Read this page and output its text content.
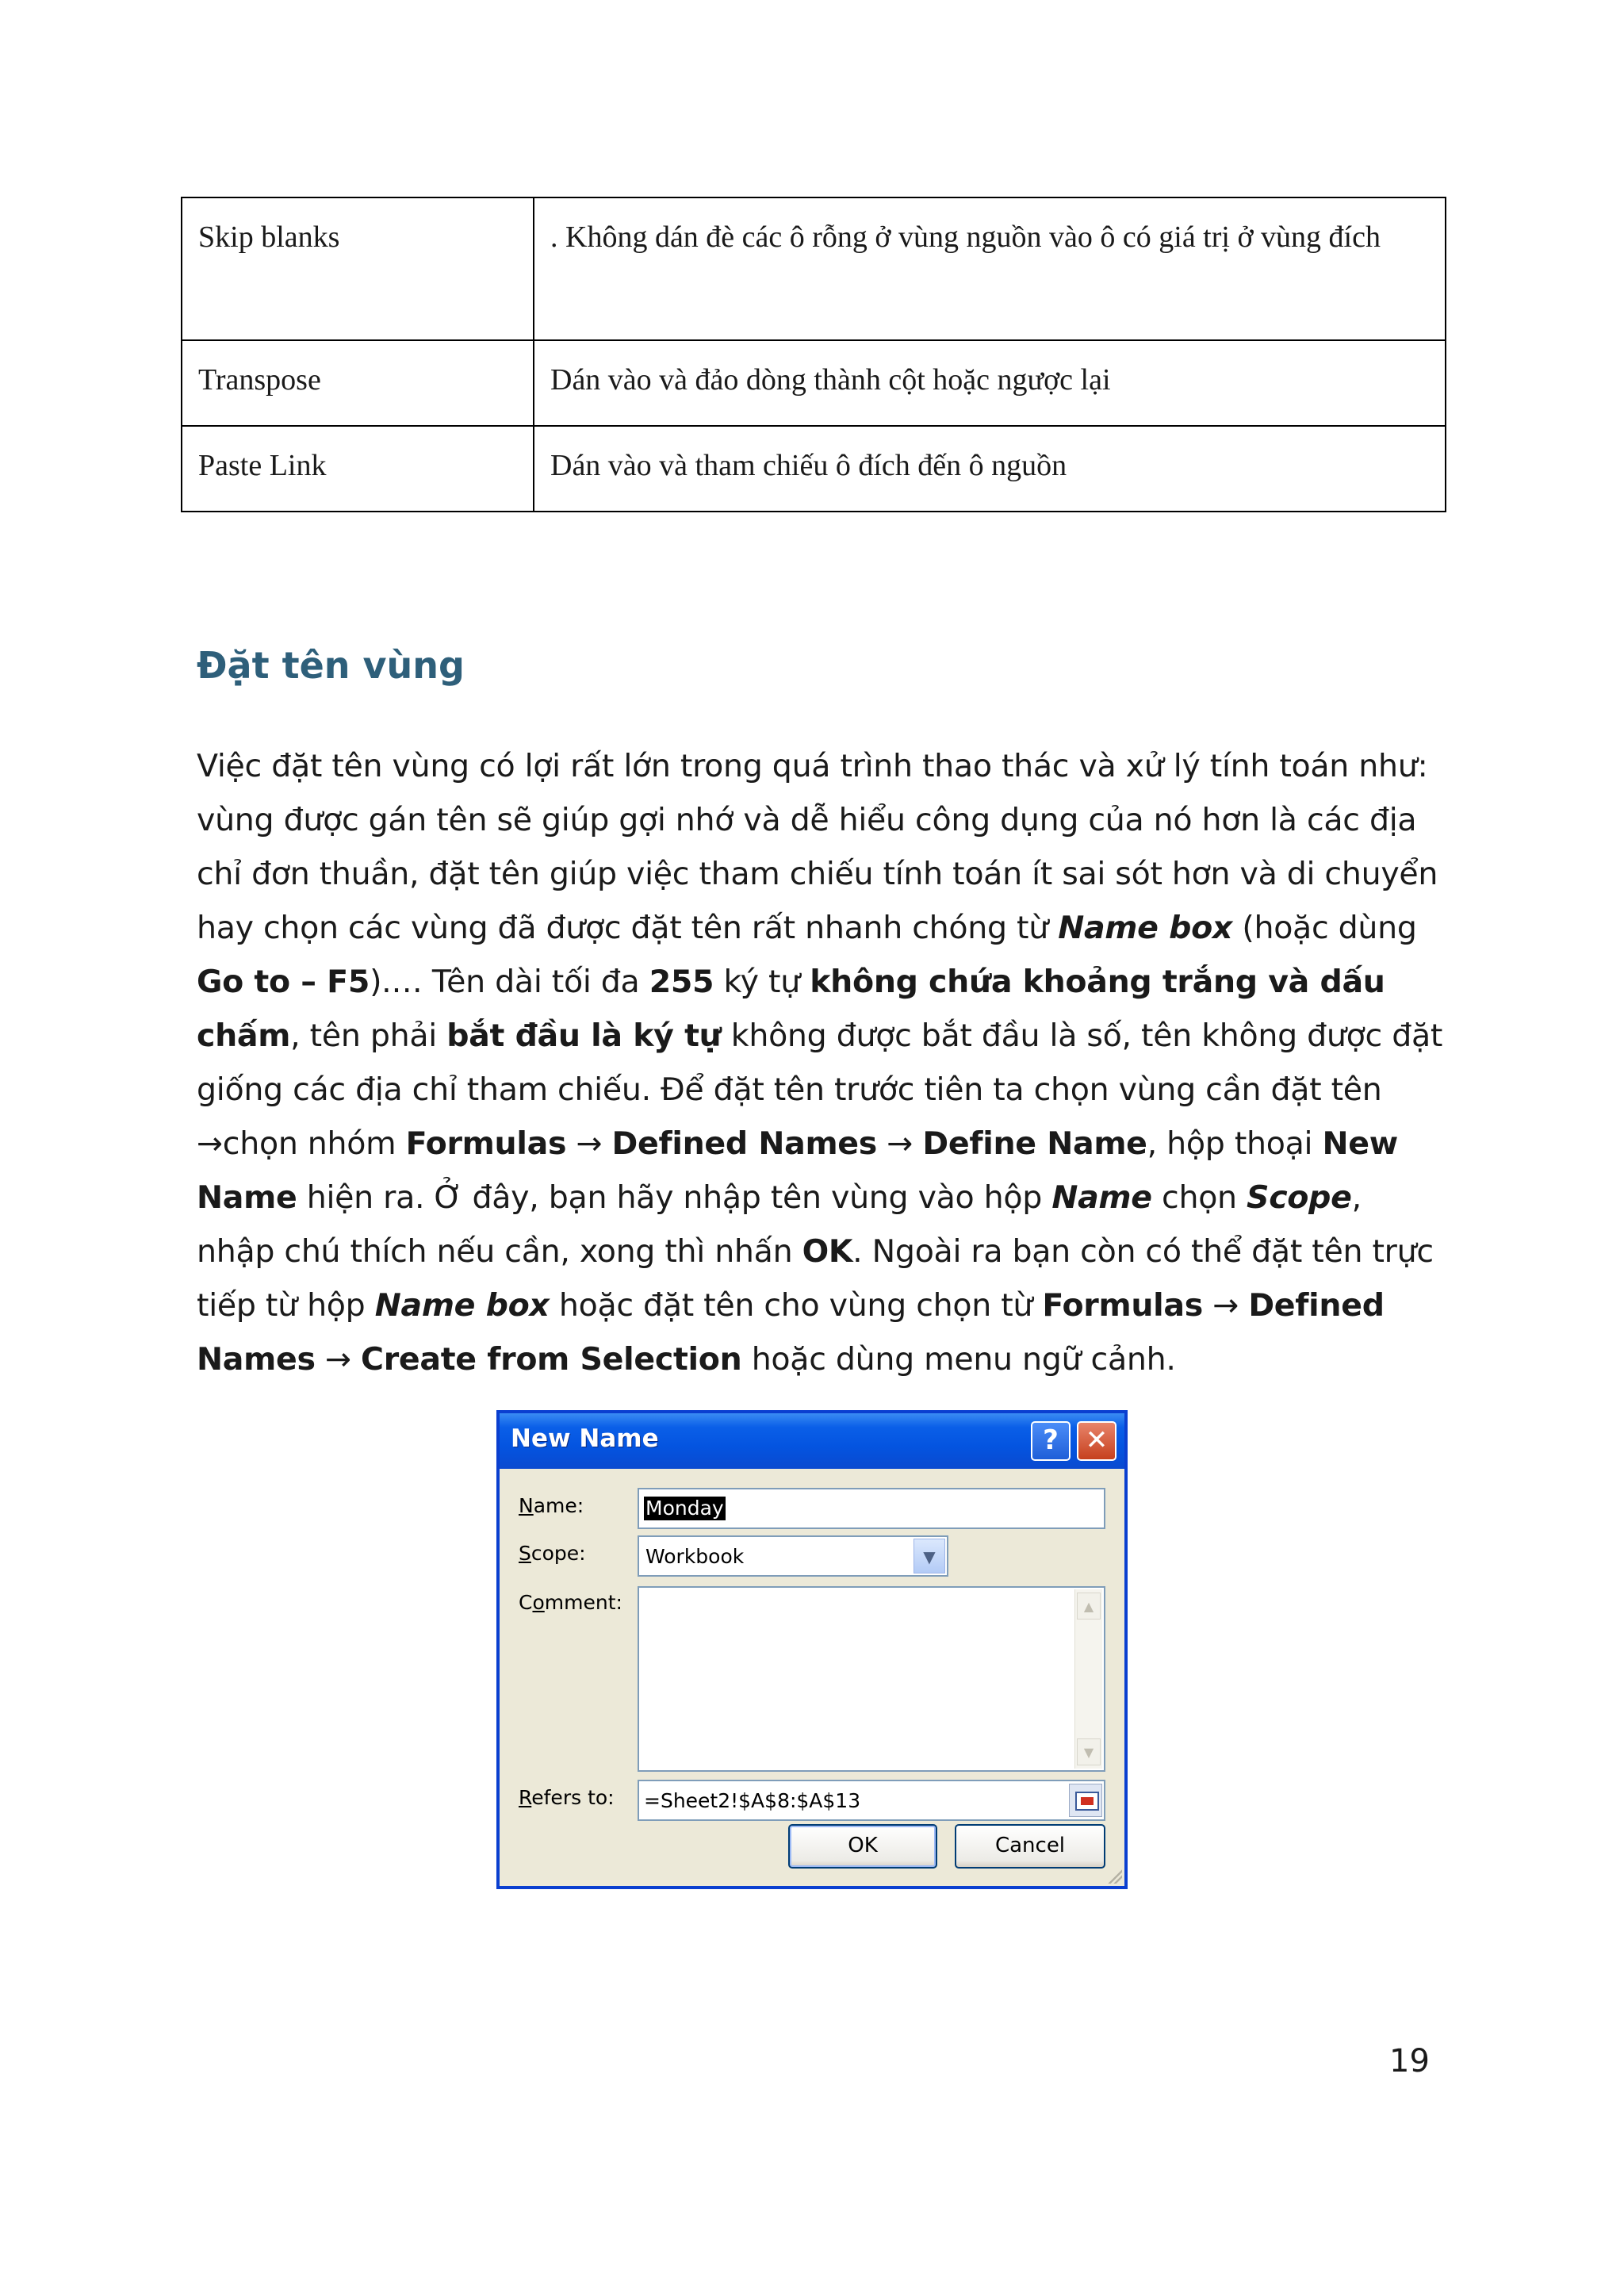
Skip blanks	. Không dán đè các ô rỗng ở vùng nguồn vào ô có giá trị ở vùng đích
Transpose	Dán vào và đảo dòng thành cột hoặc ngược lại
Paste Link	Dán vào và tham chiếu ô đích đến ô nguồn
Đặt tên vùng

Việc đặt tên vùng có lợi rất lớn trong quá trình thao thác và xử lý tính toán như: vùng được gán tên sẽ giúp gợi nhớ và dễ hiểu công dụng của nó hơn là các địa chỉ đơn thuần, đặt tên giúp việc tham chiếu tính toán ít sai sót hơn và di chuyển hay chọn các vùng đã được đặt tên rất nhanh chóng từ Name box (hoặc dùng Go to – F5).… Tên dài tối đa 255 ký tự không chứa khoảng trắng và dấu chấm, tên phải bắt đầu là ký tự không được bắt đầu là số, tên không được đặt giống các địa chỉ tham chiếu. Để đặt tên trước tiên ta chọn vùng cần đặt tên →chọn nhóm Formulas → Defined Names → Define Name, hộp thoại New Name hiện ra. Ở đây, bạn hãy nhập tên vùng vào hộp Name chọn Scope, nhập chú thích nếu cần, xong thì nhấn OK. Ngoài ra bạn còn có thể đặt tên trực tiếp từ hộp Name box hoặc đặt tên cho vùng chọn từ Formulas → Defined Names → Create from Selection hoặc dùng menu ngữ cảnh.

New Name	? ✕
Name:	Monday
Scope:	Workbook	▼
Comment:	▲
▼
Refers to: =Sheet2!$A$8:$A$13
OK	Cancel
19
